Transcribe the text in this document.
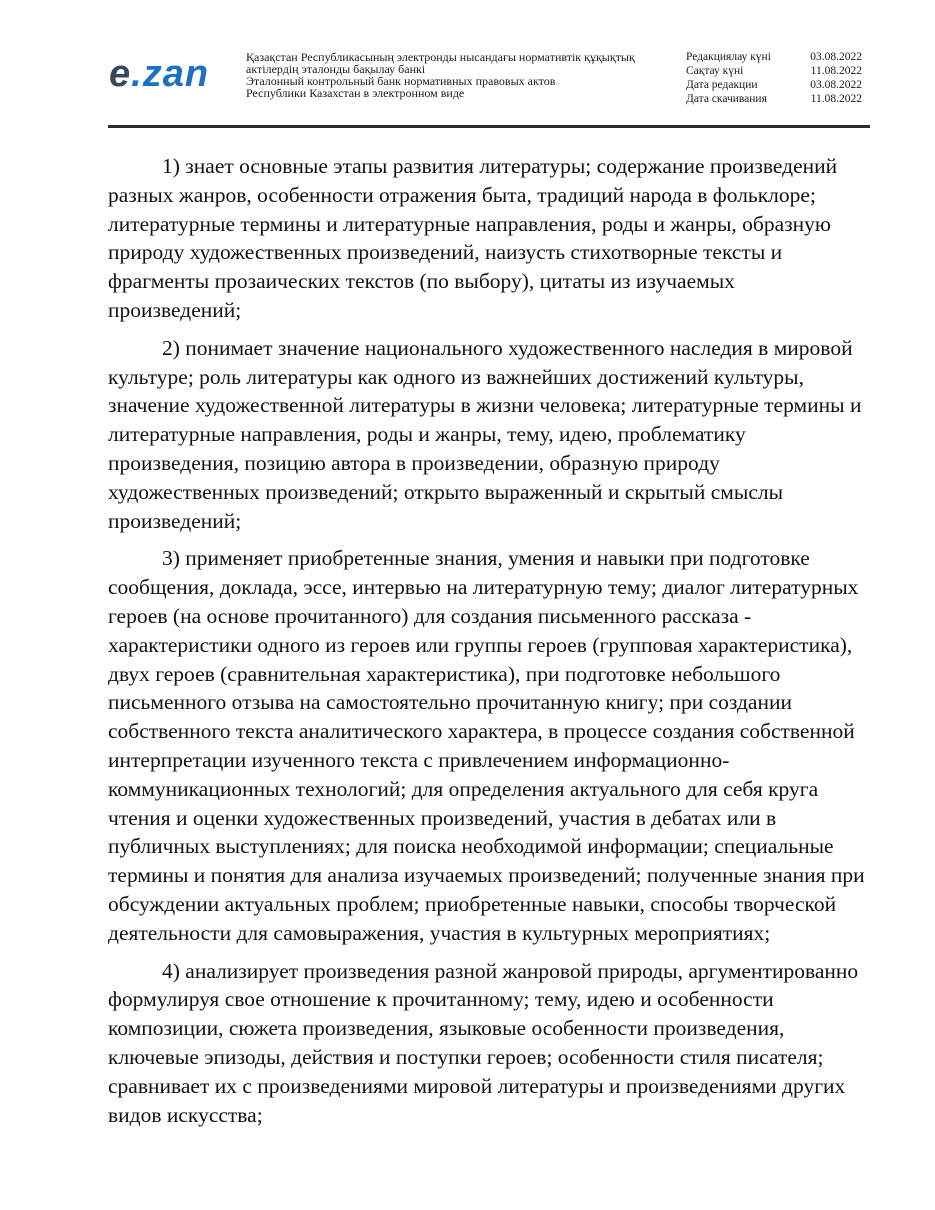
e.zan	Қазақстан Республикасының электронды нысандағы нормативтік құқықтық
актілердің эталонды бақылау банкі
Эталонный контрольный банк нормативных правовых актов
Республики Казахстан в электронном виде
Редакциялау күні	03.08.2022
Сақтау күні	11.08.2022
Дата редакции	03.08.2022
Дата скачивания	11.08.2022
1) знает основные этапы развития литературы; содержание произведений
разных жанров, особенности отражения быта, традиций народа в фольклоре;
литературные термины и литературные направления, роды и жанры, образную
природу художественных произведений, наизусть стихотворные тексты и
фрагменты прозаических текстов (по выбору), цитаты из изучаемых
произведений;
2) понимает значение национального художественного наследия в мировой
культуре; роль литературы как одного из важнейших достижений культуры,
значение художественной литературы в жизни человека; литературные термины и
литературные направления, роды и жанры, тему, идею, проблематику
произведения, позицию автора в произведении, образную природу
художественных произведений; открыто выраженный и скрытый смыслы
произведений;
3) применяет приобретенные знания, умения и навыки при подготовке
сообщения, доклада, эссе, интервью на литературную тему; диалог литературных
героев (на основе прочитанного) для создания письменного рассказа -
характеристики одного из героев или группы героев (групповая характеристика),
двух героев (сравнительная характеристика), при подготовке небольшого
письменного отзыва на самостоятельно прочитанную книгу; при создании
собственного текста аналитического характера, в процессе создания собственной
интерпретации изученного текста с привлечением информационно-
коммуникационных технологий; для определения актуального для себя круга
чтения и оценки художественных произведений, участия в дебатах или в
публичных выступлениях; для поиска необходимой информации; специальные
термины и понятия для анализа изучаемых произведений; полученные знания при
обсуждении актуальных проблем; приобретенные навыки, способы творческой
деятельности для самовыражения, участия в культурных мероприятиях;
4) анализирует произведения разной жанровой природы, аргументированно
формулируя свое отношение к прочитанному; тему, идею и особенности
композиции, сюжета произведения, языковые особенности произведения,
ключевые эпизоды, действия и поступки героев; особенности стиля писателя;
сравнивает их с произведениями мировой литературы и произведениями других
видов искусства;
